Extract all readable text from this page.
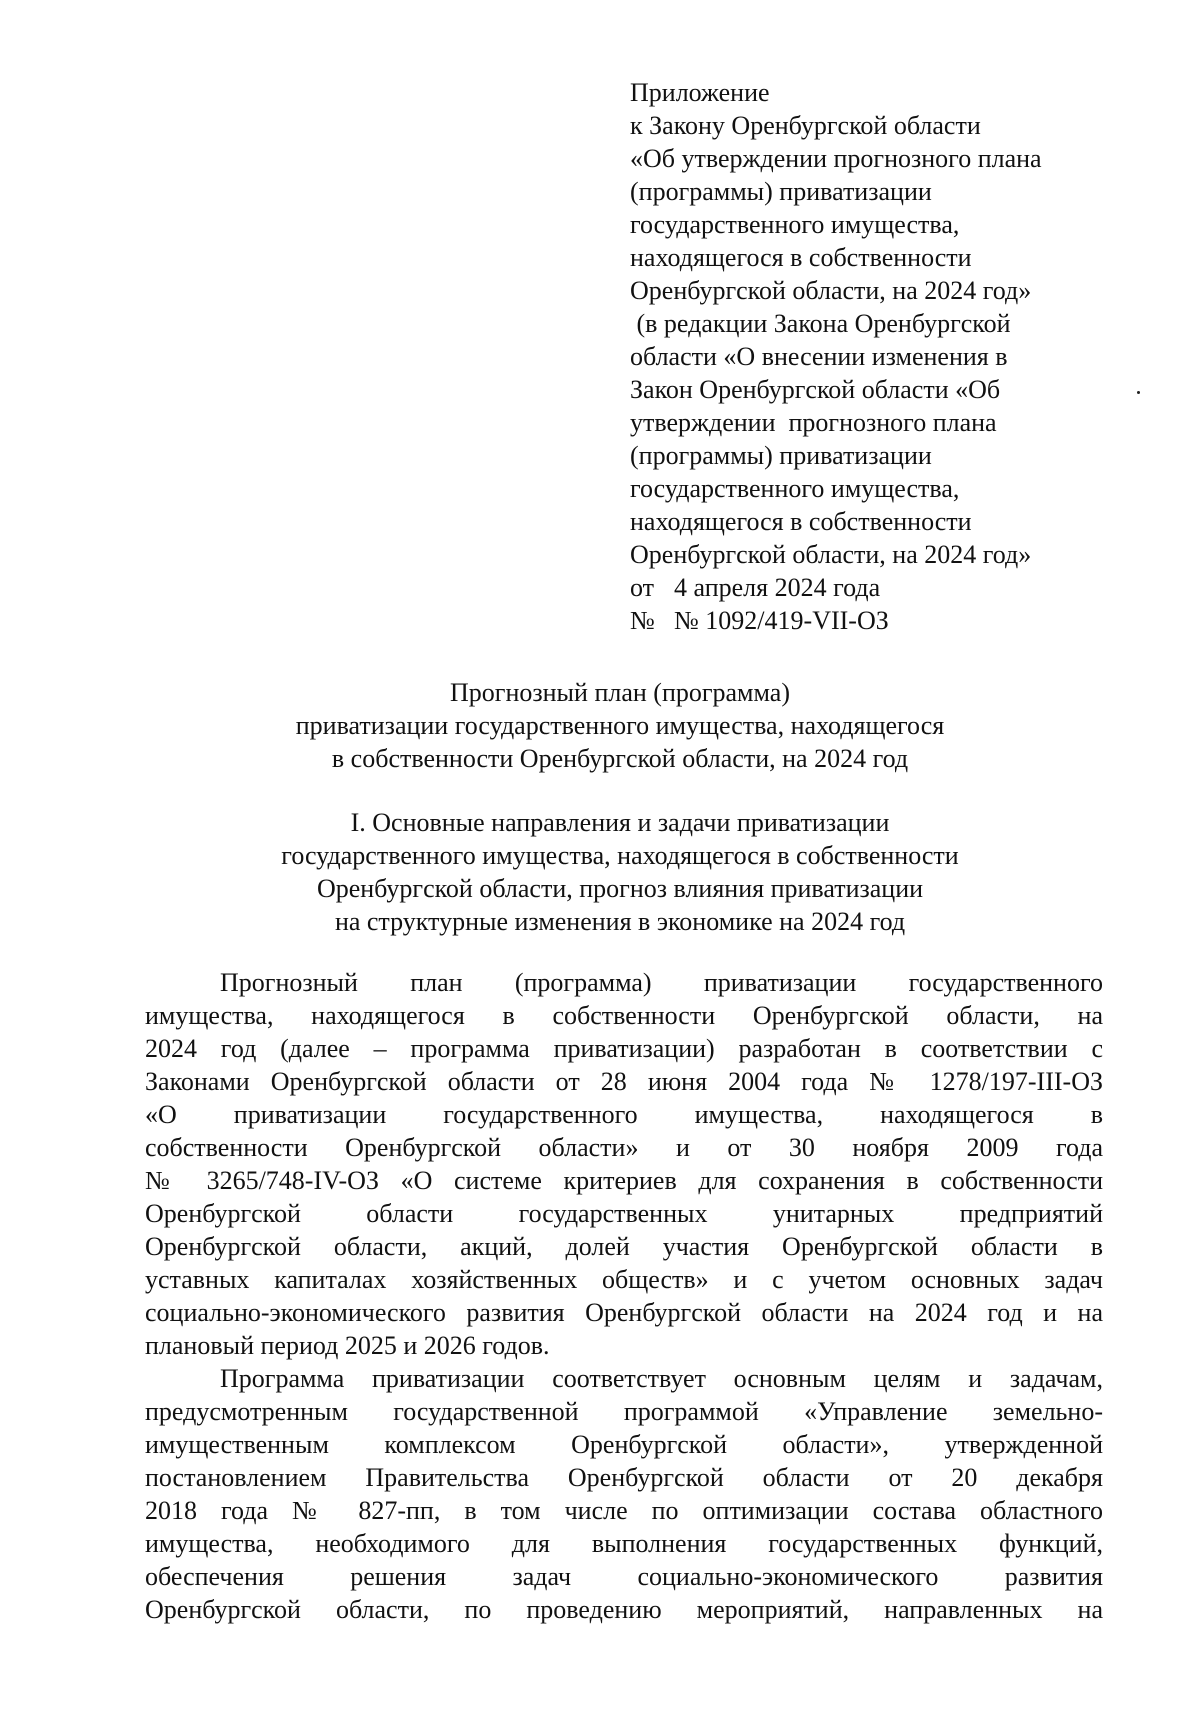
Приложение
к Закону Оренбургской области
«Об утверждении прогнозного плана
(программы) приватизации
государственного имущества,
находящегося в собственности
Оренбургской области, на 2024 год»
(в редакции Закона Оренбургской
области «О внесении изменения в
Закон Оренбургской области «Об
утверждении  прогнозного плана
(программы) приватизации
государственного имущества,
находящегося в собственности
Оренбургской области, на 2024 год»
от 4 апреля 2024 года
№ № 1092/419-VII-ОЗ
Прогнозный план (программа)
приватизации государственного имущества, находящегося
в собственности Оренбургской области, на 2024 год
I. Основные направления и задачи приватизации
государственного имущества, находящегося в собственности
Оренбургской области, прогноз влияния приватизации
на структурные изменения в экономике на 2024 год
Прогнозный план (программа) приватизации государственного
имущества, находящегося в собственности Оренбургской области, на
2024 год (далее – программа приватизации) разработан в соответствии с
Законами Оренбургской области от 28 июня 2004 года № 1278/197-III-ОЗ
«О приватизации государственного имущества, находящегося в
собственности Оренбургской области» и от 30 ноября 2009 года
№ 3265/748-IV-ОЗ «О системе критериев для сохранения в собственности
Оренбургской области государственных унитарных предприятий
Оренбургской области, акций, долей участия Оренбургской области в
уставных капиталах хозяйственных обществ» и с учетом основных задач
социально-экономического развития Оренбургской области на 2024 год и на
плановый период 2025 и 2026 годов.
Программа приватизации соответствует основным целям и задачам,
предусмотренным государственной программой «Управление земельно-
имущественным комплексом Оренбургской области», утвержденной
постановлением Правительства Оренбургской области от 20 декабря
2018 года № 827-пп, в том числе по оптимизации состава областного
имущества, необходимого для выполнения государственных функций,
обеспечения решения задач социально-экономического развития
Оренбургской области, по проведению мероприятий, направленных на
